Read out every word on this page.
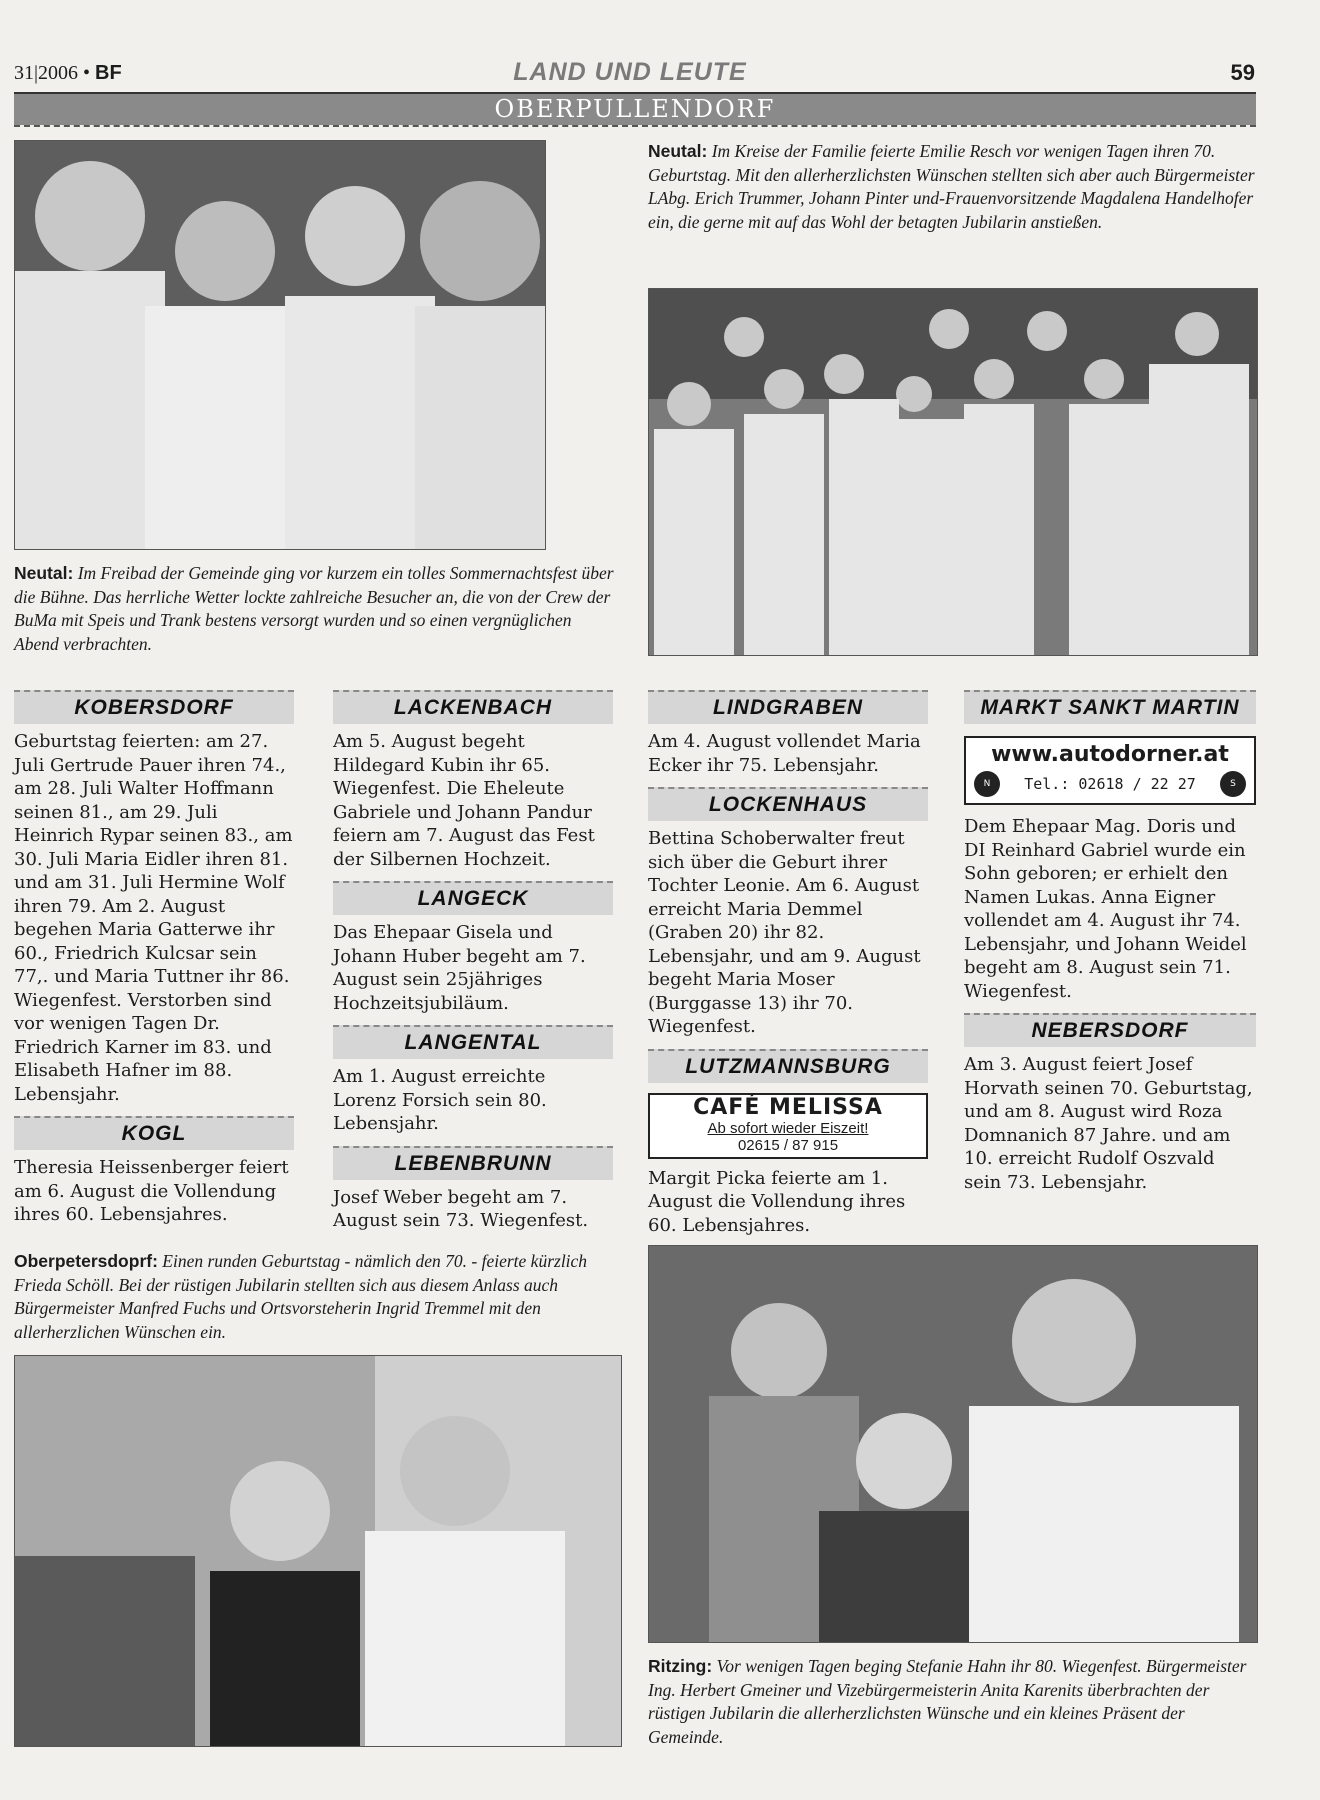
31|2006 • BF	LAND UND LEUTE	59
OBERPULLENDORF
Neutal: Im Kreise der Familie feierte Emilie Resch vor wenigen Tagen ihren 70. Geburtstag. Mit den allerherzlichsten Wünschen stellten sich aber auch Bürgermeister LAbg. Erich Trummer, Johann Pinter und-Frauenvorsitzende Magdalena Handelhofer ein, die gerne mit auf das Wohl der betagten Jubilarin anstießen.
Neutal: Im Freibad der Gemeinde ging vor kurzem ein tolles Sommernachtsfest über die Bühne. Das herrliche Wetter lockte zahlreiche Besucher an, die von der Crew der BuMa mit Speis und Trank bestens versorgt wurden und so einen vergnüglichen Abend verbrachten.
KOBERSDORF
Geburtstag feierten: am 27. Juli Gertrude Pauer ihren 74., am 28. Juli Walter Hoffmann seinen 81., am 29. Juli Heinrich Rypar seinen 83., am 30. Juli Maria Eidler ihren 81. und am 31. Juli Hermine Wolf ihren 79. Am 2. August begehen Maria Gatterwe ihr 60., Friedrich Kulcsar sein 77,. und Maria Tuttner ihr 86. Wiegenfest. Verstorben sind vor wenigen Tagen Dr. Friedrich Karner im 83. und Elisabeth Hafner im 88. Lebensjahr.
KOGL
Theresia Heissenberger feiert am 6. August die Vollendung ihres 60. Lebensjahres.
LACKENBACH
Am 5. August begeht Hildegard Kubin ihr 65. Wiegenfest. Die Eheleute Gabriele und Johann Pandur feiern am 7. August das Fest der Silbernen Hochzeit.
LANGECK
Das Ehepaar Gisela und Johann Huber begeht am 7. August sein 25jähriges Hochzeitsjubiläum.
LANGENTAL
Am 1. August erreichte Lorenz Forsich sein 80. Lebensjahr.
LEBENBRUNN
Josef Weber begeht am 7. August sein 73. Wiegenfest.
LINDGRABEN
Am 4. August vollendet Maria Ecker ihr 75. Lebensjahr.
LOCKENHAUS
Bettina Schoberwalter freut sich über die Geburt ihrer Tochter Leonie. Am 6. August erreicht Maria Demmel (Graben 20) ihr 82. Lebensjahr, und am 9. August begeht Maria Moser (Burggasse 13) ihr 70. Wiegenfest.
LUTZMANNSBURG
CAFÉ MELISSA
Ab sofort wieder Eiszeit!
02615 / 87 915
Margit Picka feierte am 1. August die Vollendung ihres 60. Lebensjahres.
MARKT SANKT MARTIN
www.autodorner.at
N	Tel.: 02618 / 22 27	S
Dem Ehepaar Mag. Doris und DI Reinhard Gabriel wurde ein Sohn geboren; er erhielt den Namen Lukas. Anna Eigner vollendet am 4. August ihr 74. Lebensjahr, und Johann Weidel begeht am 8. August sein 71. Wiegenfest.
NEBERSDORF
Am 3. August feiert Josef Horvath seinen 70. Geburtstag, und am 8. August wird Roza Domnanich 87 Jahre. und am 10. erreicht Rudolf Oszvald sein 73. Lebensjahr.
Oberpetersdoprf: Einen runden Geburtstag - nämlich den 70. - feierte kürzlich Frieda Schöll. Bei der rüstigen Jubilarin stellten sich aus diesem Anlass auch Bürgermeister Manfred Fuchs und Ortsvorsteherin Ingrid Tremmel mit den allerherzlichen Wünschen ein.
Ritzing: Vor wenigen Tagen beging Stefanie Hahn ihr 80. Wiegenfest. Bürgermeister Ing. Herbert Gmeiner und Vizebürgermeisterin Anita Karenits überbrachten der rüstigen Jubilarin die allerherzlichsten Wünsche und ein kleines Präsent der Gemeinde.
